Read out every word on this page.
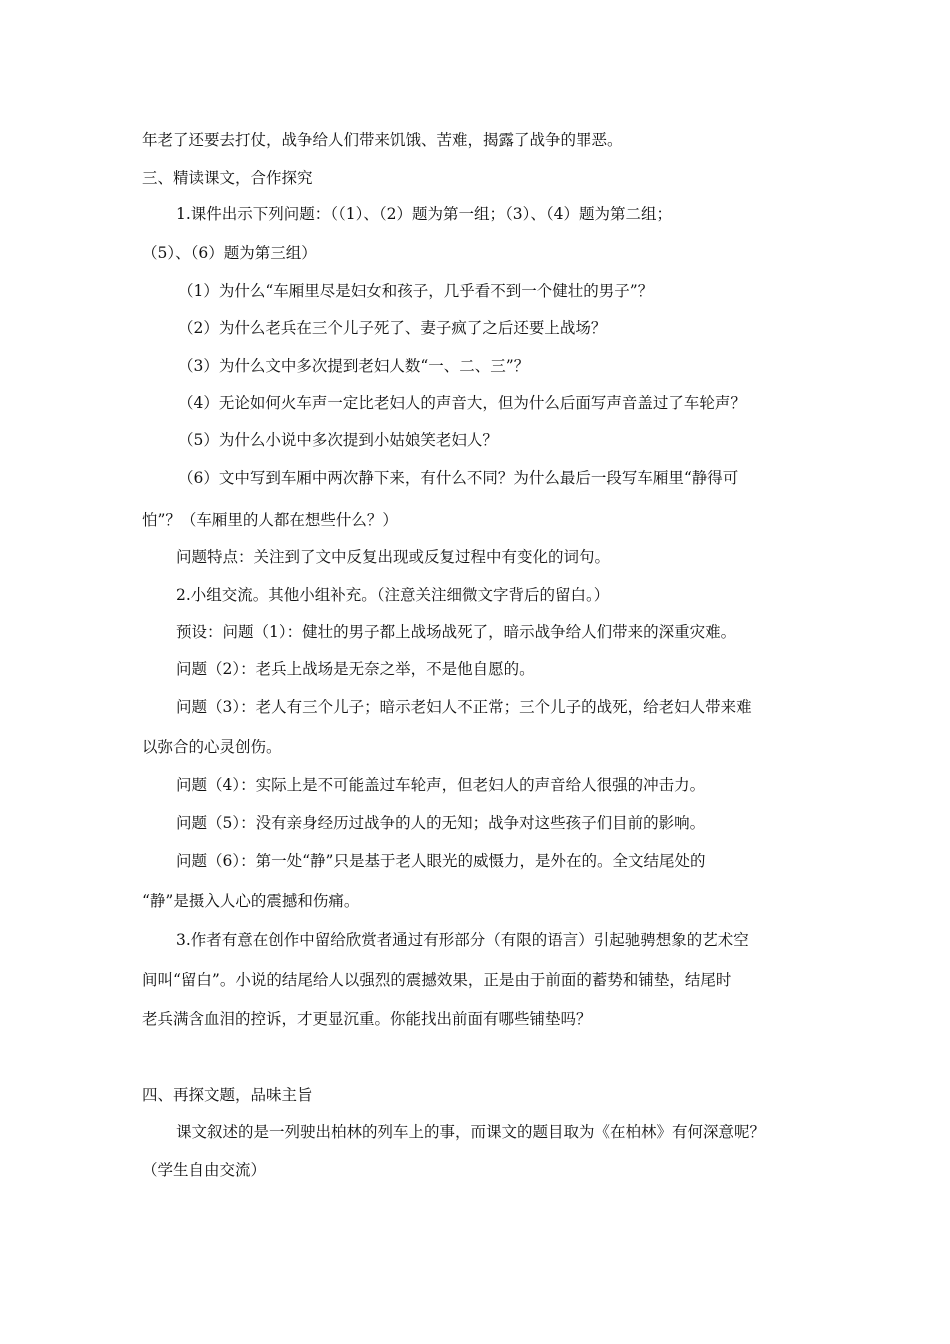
年老了还要去打仗，战争给人们带来饥饿、苦难，揭露了战争的罪恶。
三、精读课文，合作探究
1.课件出示下列问题：（（1）、（2）题为第一组；（3）、（4）题为第二组；
（5）、（6）题为第三组）
（1）为什么“车厢里尽是妇女和孩子，几乎看不到一个健壮的男子”？
（2）为什么老兵在三个儿子死了、妻子疯了之后还要上战场？
（3）为什么文中多次提到老妇人数“一、二、三”？
（4）无论如何火车声一定比老妇人的声音大，但为什么后面写声音盖过了车轮声？
（5）为什么小说中多次提到小姑娘笑老妇人？
（6）文中写到车厢中两次静下来，有什么不同？为什么最后一段写车厢里“静得可
怕”？（车厢里的人都在想些什么？）
问题特点：关注到了文中反复出现或反复过程中有变化的词句。
2.小组交流。其他小组补充。（注意关注细微文字背后的留白。）
预设：问题（1）：健壮的男子都上战场战死了，暗示战争给人们带来的深重灾难。
问题（2）：老兵上战场是无奈之举，不是他自愿的。
问题（3）：老人有三个儿子；暗示老妇人不正常；三个儿子的战死，给老妇人带来难
以弥合的心灵创伤。
问题（4）：实际上是不可能盖过车轮声，但老妇人的声音给人很强的冲击力。
问题（5）：没有亲身经历过战争的人的无知；战争对这些孩子们目前的影响。
问题（6）：第一处“静”只是基于老人眼光的威慑力，是外在的。全文结尾处的
“静”是摄入人心的震撼和伤痛。
3.作者有意在创作中留给欣赏者通过有形部分（有限的语言）引起驰骋想象的艺术空
间叫“留白”。小说的结尾给人以强烈的震撼效果，正是由于前面的蓄势和铺垫，结尾时
老兵满含血泪的控诉，才更显沉重。你能找出前面有哪些铺垫吗？
四、再探文题，品味主旨
课文叙述的是一列驶出柏林的列车上的事，而课文的题目取为《在柏林》有何深意呢？
（学生自由交流）
